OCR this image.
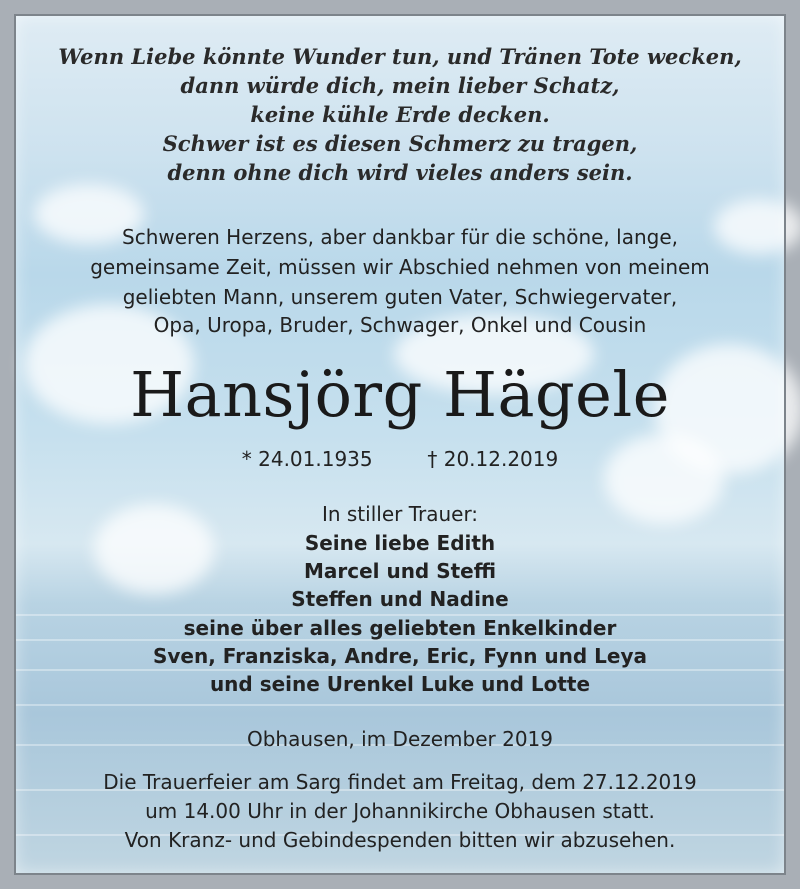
Wenn Liebe könnte Wunder tun, und Tränen Tote wecken,
dann würde dich, mein lieber Schatz,
keine kühle Erde decken.
Schwer ist es diesen Schmerz zu tragen,
denn ohne dich wird vieles anders sein.
Schweren Herzens, aber dankbar für die schöne, lange,
gemeinsame Zeit, müssen wir Abschied nehmen von meinem
geliebten Mann, unserem guten Vater, Schwiegervater,
Opa, Uropa, Bruder, Schwager, Onkel und Cousin
Hansjörg Hägele
* 24.01.1935	† 20.12.2019
In stiller Trauer:
Seine liebe Edith
Marcel und Steffi
Steffen und Nadine
seine über alles geliebten Enkelkinder
Sven, Franziska, Andre, Eric, Fynn und Leya
und seine Urenkel Luke und Lotte
Obhausen, im Dezember 2019
Die Trauerfeier am Sarg findet am Freitag, dem 27.12.2019
um 14.00 Uhr in der Johannikirche Obhausen statt.
Von Kranz- und Gebindespenden bitten wir abzusehen.
